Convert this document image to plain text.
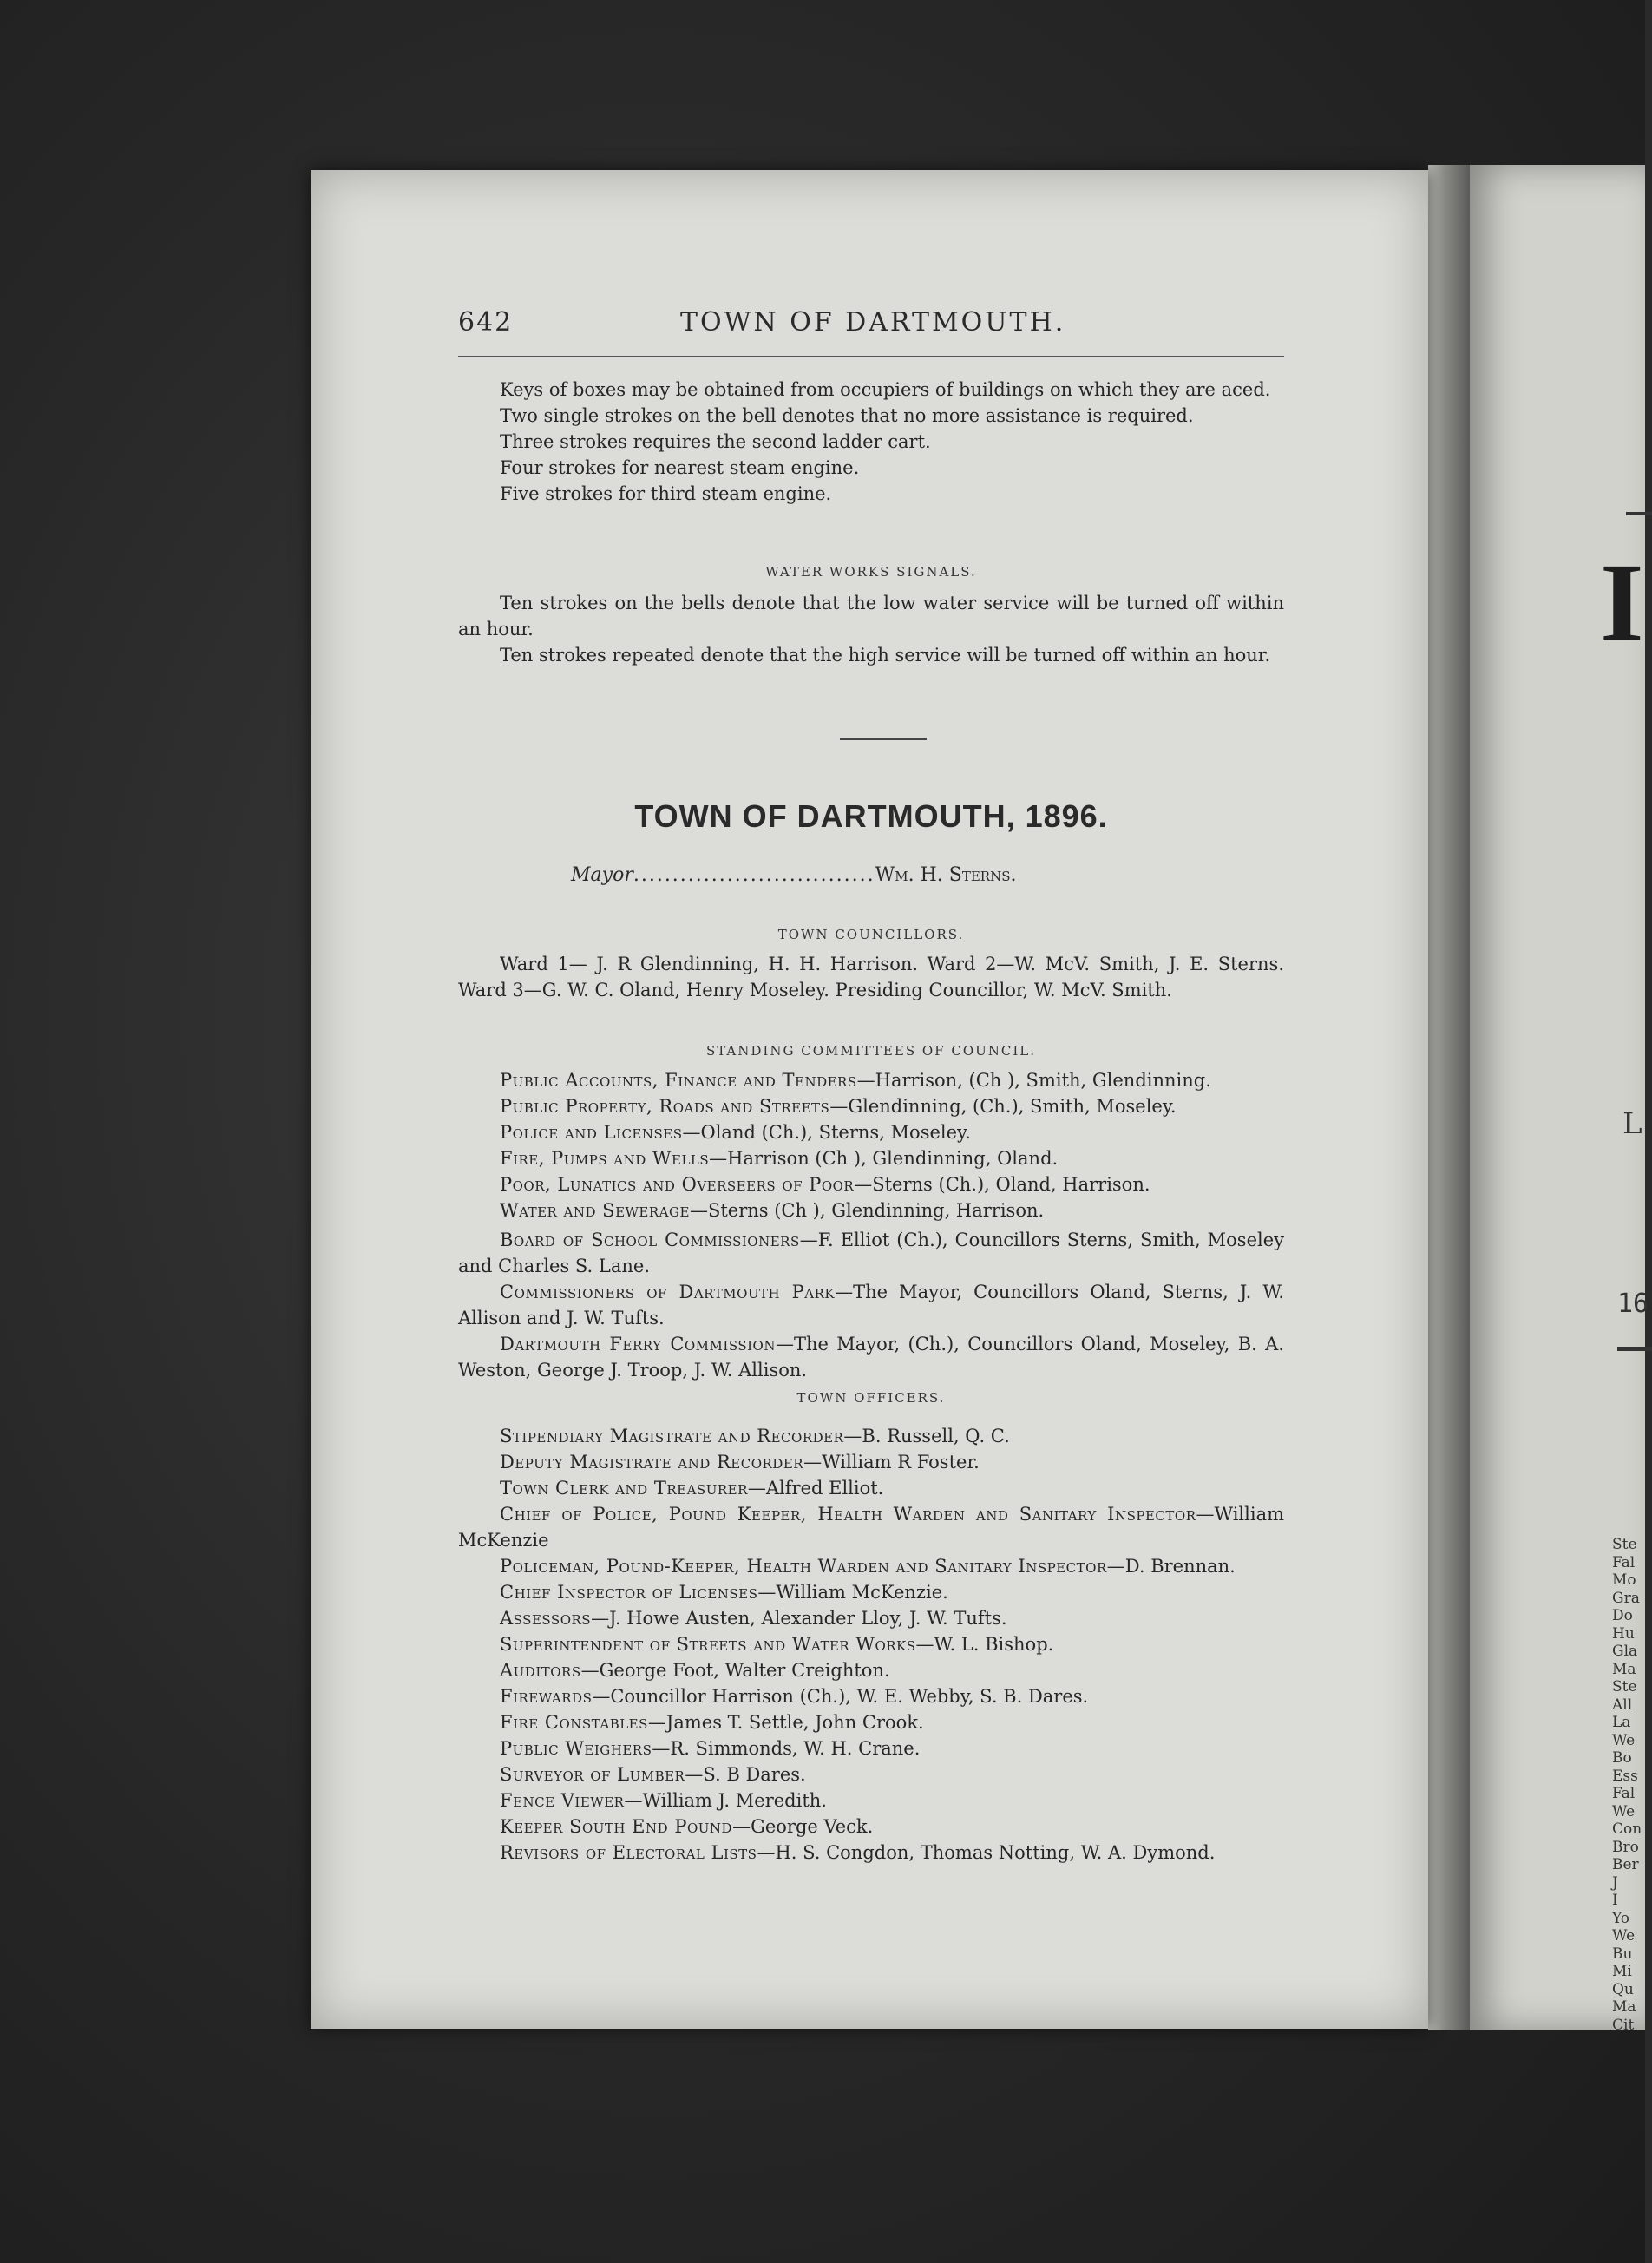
I
L
16
Ste
Fal
Mo
Gra
Do
Hu
Gla
Ma
Ste
All
La
We
Bo
Ess
Fal
We
Con
Bro
Ber
J
I
Yo
We
Bu
Mi
Qu
Ma
Cit
642	TOWN OF DARTMOUTH.

Keys of boxes may be obtained from occupiers of buildings on which they are aced.

Two single strokes on the bell denotes that no more assistance is required.

Three strokes requires the second ladder cart.

Four strokes for nearest steam engine.

Five strokes for third steam engine.

WATER WORKS SIGNALS.

Ten strokes on the bells denote that the low water service will be turned off within an hour.

Ten strokes repeated denote that the high service will be turned off within an hour.

TOWN OF DARTMOUTH, 1896.
Mayor...............................Wm. H. Sterns.

TOWN COUNCILLORS.

Ward 1— J. R Glendinning, H. H. Harrison. Ward 2—W. McV. Smith, J. E. Sterns. Ward 3—G. W. C. Oland, Henry Moseley. Presiding Councillor, W. McV. Smith.

STANDING COMMITTEES OF COUNCIL.

Public Accounts, Finance and Tenders—Harrison, (Ch ), Smith, Glendinning.

Public Property, Roads and Streets—Glendinning, (Ch.), Smith, Moseley.

Police and Licenses—Oland (Ch.), Sterns, Moseley.

Fire, Pumps and Wells—Harrison (Ch ), Glendinning, Oland.

Poor, Lunatics and Overseers of Poor—Sterns (Ch.), Oland, Harrison.

Water and Sewerage—Sterns (Ch ), Glendinning, Harrison.

Board of School Commissioners—F. Elliot (Ch.), Councillors Sterns, Smith, Moseley and Charles S. Lane.

Commissioners of Dartmouth Park—The Mayor, Councillors Oland, Sterns, J. W. Allison and J. W. Tufts.

Dartmouth Ferry Commission—The Mayor, (Ch.), Councillors Oland, Moseley, B. A. Weston, George J. Troop, J. W. Allison.

TOWN OFFICERS.

Stipendiary Magistrate and Recorder—B. Russell, Q. C.

Deputy Magistrate and Recorder—William R Foster.

Town Clerk and Treasurer—Alfred Elliot.

Chief of Police, Pound Keeper, Health Warden and Sanitary Inspector—William McKenzie

Policeman, Pound-Keeper, Health Warden and Sanitary Inspector—D. Brennan.

Chief Inspector of Licenses—William McKenzie.

Assessors—J. Howe Austen, Alexander Lloy, J. W. Tufts.

Superintendent of Streets and Water Works—W. L. Bishop.

Auditors—George Foot, Walter Creighton.

Firewards—Councillor Harrison (Ch.), W. E. Webby, S. B. Dares.

Fire Constables—James T. Settle, John Crook.

Public Weighers—R. Simmonds, W. H. Crane.

Surveyor of Lumber—S. B Dares.

Fence Viewer—William J. Meredith.

Keeper South End Pound—George Veck.

Revisors of Electoral Lists—H. S. Congdon, Thomas Notting, W. A. Dymond.
